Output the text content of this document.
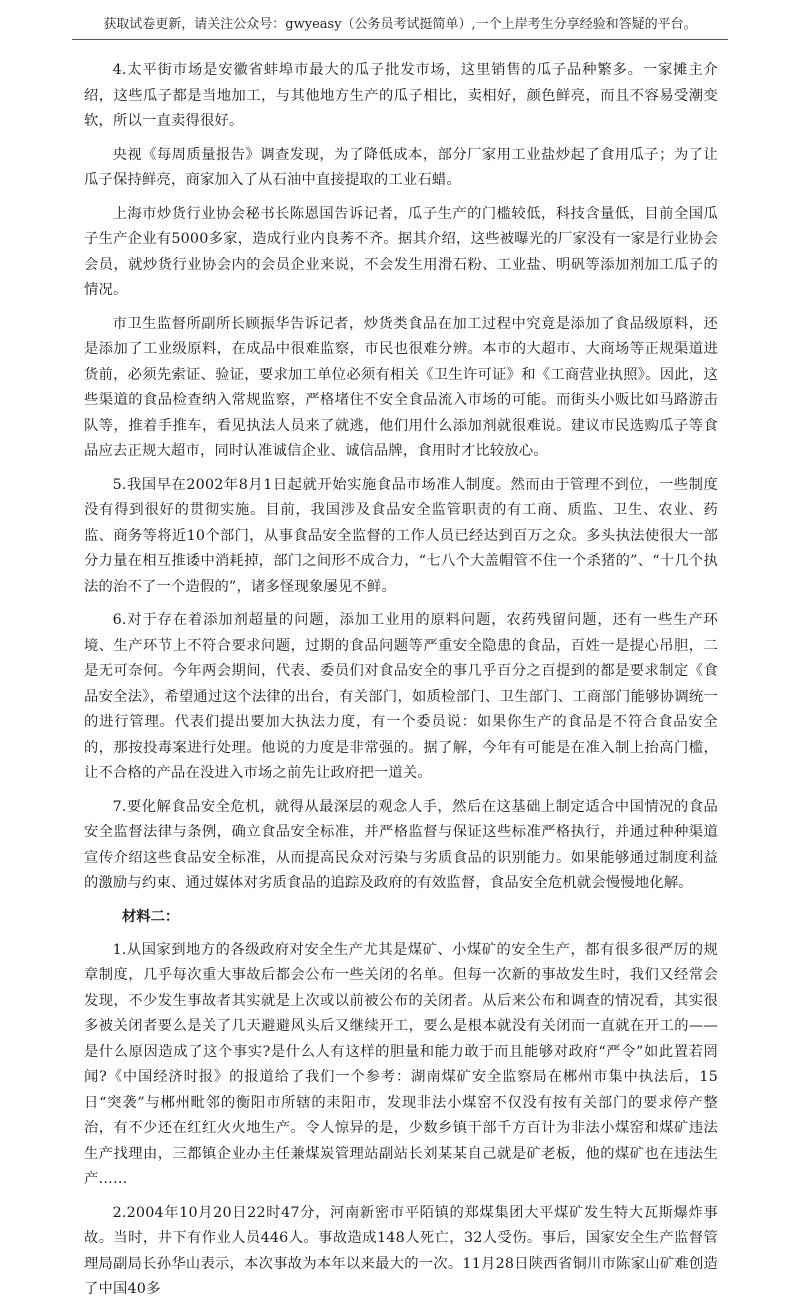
获取试卷更新，请关注公众号：gwyeasy（公务员考试挺简单）,一个上岸考生分享经验和答疑的平台。

4.太平街市场是安徽省蚌埠市最大的瓜子批发市场，这里销售的瓜子品种繁多。一家摊主介绍，这些瓜子都是当地加工，与其他地方生产的瓜子相比，卖相好，颜色鲜亮，而且不容易受潮变软，所以一直卖得很好。

央视《每周质量报告》调查发现，为了降低成本，部分厂家用工业盐炒起了食用瓜子；为了让瓜子保持鲜亮，商家加入了从石油中直接提取的工业石蜡。

上海市炒货行业协会秘书长陈恩国告诉记者，瓜子生产的门槛较低，科技含量低，目前全国瓜子生产企业有5000多家，造成行业内良莠不齐。据其介绍，这些被曝光的厂家没有一家是行业协会会员，就炒货行业协会内的会员企业来说，不会发生用滑石粉、工业盐、明矾等添加剂加工瓜子的情况。

市卫生监督所副所长顾振华告诉记者，炒货类食品在加工过程中究竟是添加了食品级原料，还是添加了工业级原料，在成品中很难监察，市民也很难分辨。本市的大超市、大商场等正规渠道进货前，必须先索证、验证，要求加工单位必须有相关《卫生许可证》和《工商营业执照》。因此，这些渠道的食品检查纳入常规监察，严格堵住不安全食品流入市场的可能。而街头小贩比如马路游击队等，推着手推车，看见执法人员来了就逃，他们用什么添加剂就很难说。建议市民选购瓜子等食品应去正规大超市，同时认准诚信企业、诚信品牌，食用时才比较放心。

5.我国早在2002年8月1日起就开始实施食品市场准人制度。然而由于管理不到位，一些制度没有得到很好的贯彻实施。目前，我国涉及食品安全监管职责的有工商、质监、卫生、农业、药监、商务等将近10个部门，从事食品安全监督的工作人员已经达到百万之众。多头执法使很大一部分力量在相互推诿中消耗掉，部门之间形不成合力，“七八个大盖帽管不住一个杀猪的”、“十几个执法的治不了一个造假的”，诸多怪现象屡见不鲜。

6.对于存在着添加剂超量的问题，添加工业用的原料问题，农药残留问题，还有一些生产环境、生产环节上不符合要求问题，过期的食品问题等严重安全隐患的食品，百姓一是提心吊胆，二是无可奈何。今年两会期间，代表、委员们对食品安全的事几乎百分之百提到的都是要求制定《食品安全法》，希望通过这个法律的出台，有关部门，如质检部门、卫生部门、工商部门能够协调统一的进行管理。代表们提出要加大执法力度，有一个委员说：如果你生产的食品是不符合食品安全的，那按投毒案进行处理。他说的力度是非常强的。据了解，今年有可能是在准入制上抬高门槛，让不合格的产品在没进入市场之前先让政府把一道关。

7.要化解食品安全危机，就得从最深层的观念人手，然后在这基础上制定适合中国情况的食品安全监督法律与条例，确立食品安全标准，并严格监督与保证这些标准严格执行，并通过种种渠道宣传介绍这些食品安全标准，从而提高民众对污染与劣质食品的识别能力。如果能够通过制度利益的激励与约束、通过媒体对劣质食品的追踪及政府的有效监督，食品安全危机就会慢慢地化解。

材料二：

1.从国家到地方的各级政府对安全生产尤其是煤矿、小煤矿的安全生产，都有很多很严厉的规章制度，几乎每次重大事故后都会公布一些关闭的名单。但每一次新的事故发生时，我们又经常会发现，不少发生事故者其实就是上次或以前被公布的关闭者。从后来公布和调查的情况看，其实很多被关闭者要么是关了几天避避风头后又继续开工，要么是根本就没有关闭而一直就在开工的——是什么原因造成了这个事实?是什么人有这样的胆量和能力敢于而且能够对政府“严令”如此置若罔闻?《中国经济时报》的报道给了我们一个参考：湖南煤矿安全监察局在郴州市集中执法后，15日“突袭”与郴州毗邻的衡阳市所辖的耒阳市，发现非法小煤窑不仅没有按有关部门的要求停产整治，有不少还在红红火火地生产。令人惊异的是，少数乡镇干部千方百计为非法小煤窑和煤矿违法生产找理由，三都镇企业办主任兼煤炭管理站副站长刘某某自己就是矿老板，他的煤矿也在违法生产……

2.2004年10月20日22时47分，河南新密市平陌镇的郑煤集团大平煤矿发生特大瓦斯爆炸事故。当时，井下有作业人员446人。事故造成148人死亡，32人受伤。事后，国家安全生产监督管理局副局长孙华山表示，本次事故为本年以来最大的一次。11月28日陕西省铜川市陈家山矿难创造了中国40多
